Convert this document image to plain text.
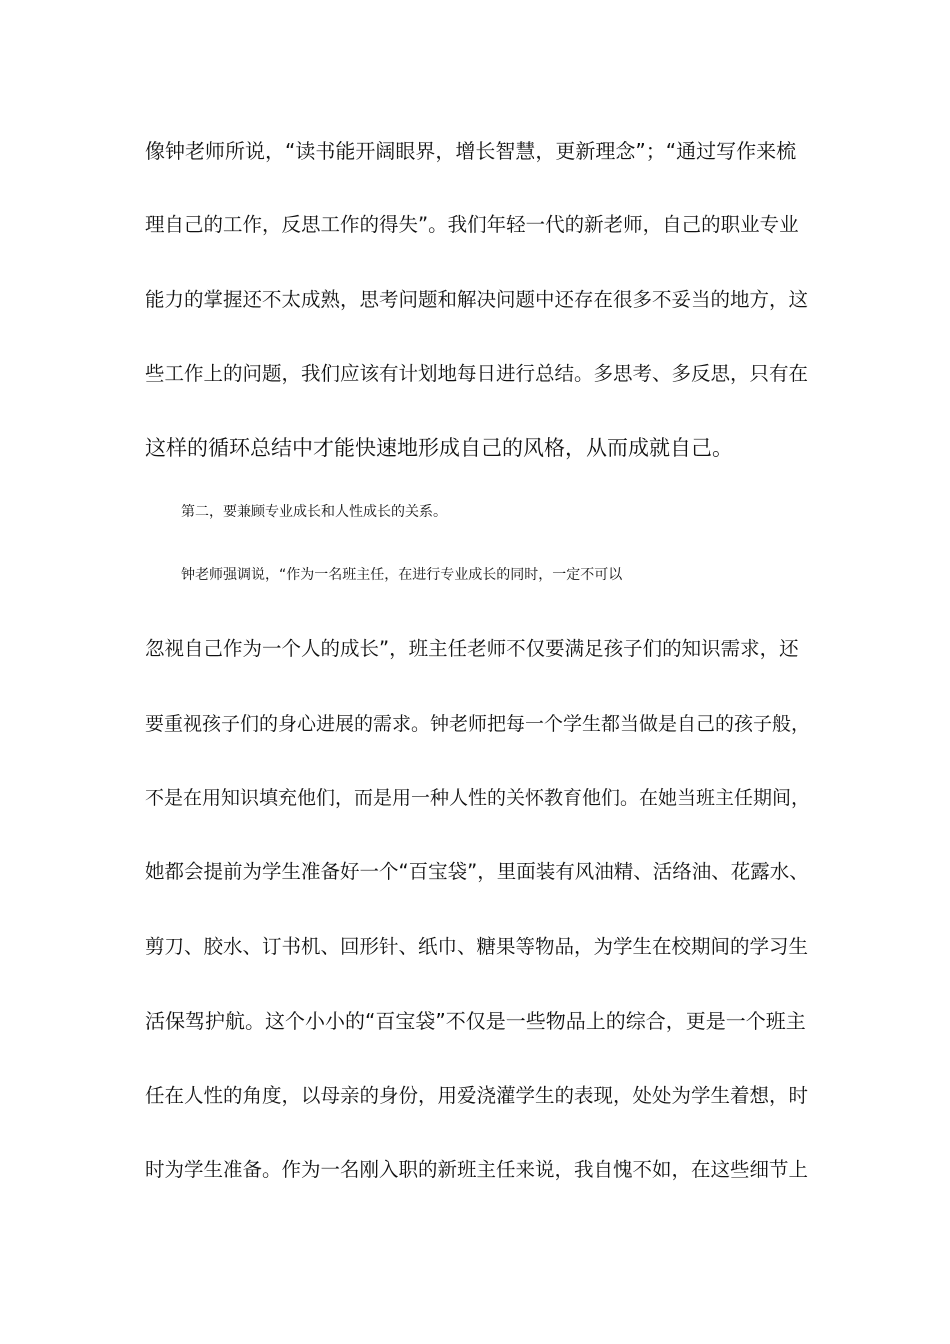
像钟老师所说，“读书能开阔眼界，增长智慧，更新理念”；“通过写作来梳
理自己的工作，反思工作的得失”。我们年轻一代的新老师，自己的职业专业
能力的掌握还不太成熟，思考问题和解决问题中还存在很多不妥当的地方，这
些工作上的问题，我们应该有计划地每日进行总结。多思考、多反思，只有在
这样的循环总结中才能快速地形成自己的风格，从而成就自己。
第二，要兼顾专业成长和人性成长的关系。
钟老师强调说，“作为一名班主任，在进行专业成长的同时，一定不可以
忽视自己作为一个人的成长”，班主任老师不仅要满足孩子们的知识需求，还
要重视孩子们的身心进展的需求。钟老师把每一个学生都当做是自己的孩子般，
不是在用知识填充他们，而是用一种人性的关怀教育他们。在她当班主任期间，
她都会提前为学生准备好一个“百宝袋”，里面装有风油精、活络油、花露水、
剪刀、胶水、订书机、回形针、纸巾、糖果等物品，为学生在校期间的学习生
活保驾护航。这个小小的“百宝袋”不仅是一些物品上的综合，更是一个班主
任在人性的角度，以母亲的身份，用爱浇灌学生的表现，处处为学生着想，时
时为学生准备。作为一名刚入职的新班主任来说，我自愧不如，在这些细节上
